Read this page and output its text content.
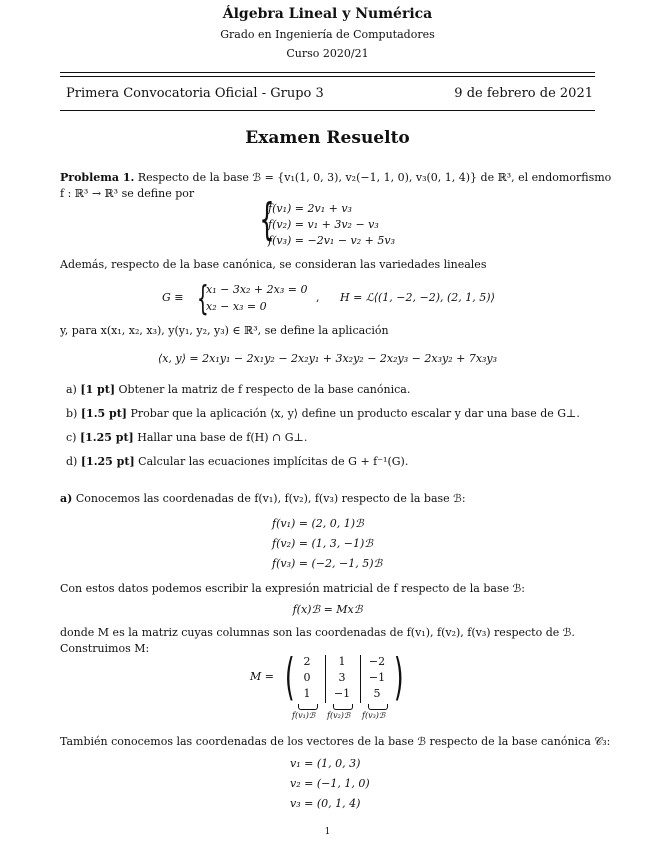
Álgebra Lineal y Numérica
Grado en Ingeniería de Computadores
Curso 2020/21
Primera Convocatoria Oficial - Grupo 3	9 de febrero de 2021
Examen Resuelto
Problema 1. Respecto de la base ℬ = {v₁(1, 0, 3), v₂(−1, 1, 0), v₃(0, 1, 4)} de ℝ³, el endomorfismo
f : ℝ³ → ℝ³ se define por
{
f(v₁) = 2v₁ + v₃
f(v₂) = v₁ + 3v₂ − v₃
f(v₃) = −2v₁ − v₂ + 5v₃
Además, respecto de la base canónica, se consideran las variedades lineales
G ≡ {
x₁ − 3x₂ + 2x₃ = 0
x₂ − x₃ = 0
, H = ℒ⟨(1, −2, −2), (2, 1, 5)⟩
y, para x(x₁, x₂, x₃), y(y₁, y₂, y₃) ∈ ℝ³, se define la aplicación
⟨x, y⟩ = 2x₁y₁ − 2x₁y₂ − 2x₂y₁ + 3x₂y₂ − 2x₂y₃ − 2x₃y₂ + 7x₃y₃
a) [1 pt] Obtener la matriz de f respecto de la base canónica.
b) [1.5 pt] Probar que la aplicación ⟨x, y⟩ define un producto escalar y dar una base de G⊥.
c) [1.25 pt] Hallar una base de f(H) ∩ G⊥.
d) [1.25 pt] Calcular las ecuaciones implícitas de G + f⁻¹(G).
a) Conocemos las coordenadas de f(v₁), f(v₂), f(v₃) respecto de la base ℬ:
f(v₁) = (2, 0, 1)ℬ
f(v₂) = (1, 3, −1)ℬ
f(v₃) = (−2, −1, 5)ℬ
Con estos datos podemos escribir la expresión matricial de f respecto de la base ℬ:
f(x)ℬ = Mxℬ
donde M es la matriz cuyas columnas son las coordenadas de f(v₁), f(v₂), f(v₃) respecto de ℬ.
Construimos M:
M = ( )
2	1	−2
0	3	−1
1	−1	5
f(v₁)ℬ f(v₂)ℬ f(v₃)ℬ
También conocemos las coordenadas de los vectores de la base ℬ respecto de la base canónica 𝒞₃:
v₁ = (1, 0, 3)
v₂ = (−1, 1, 0)
v₃ = (0, 1, 4)
1
